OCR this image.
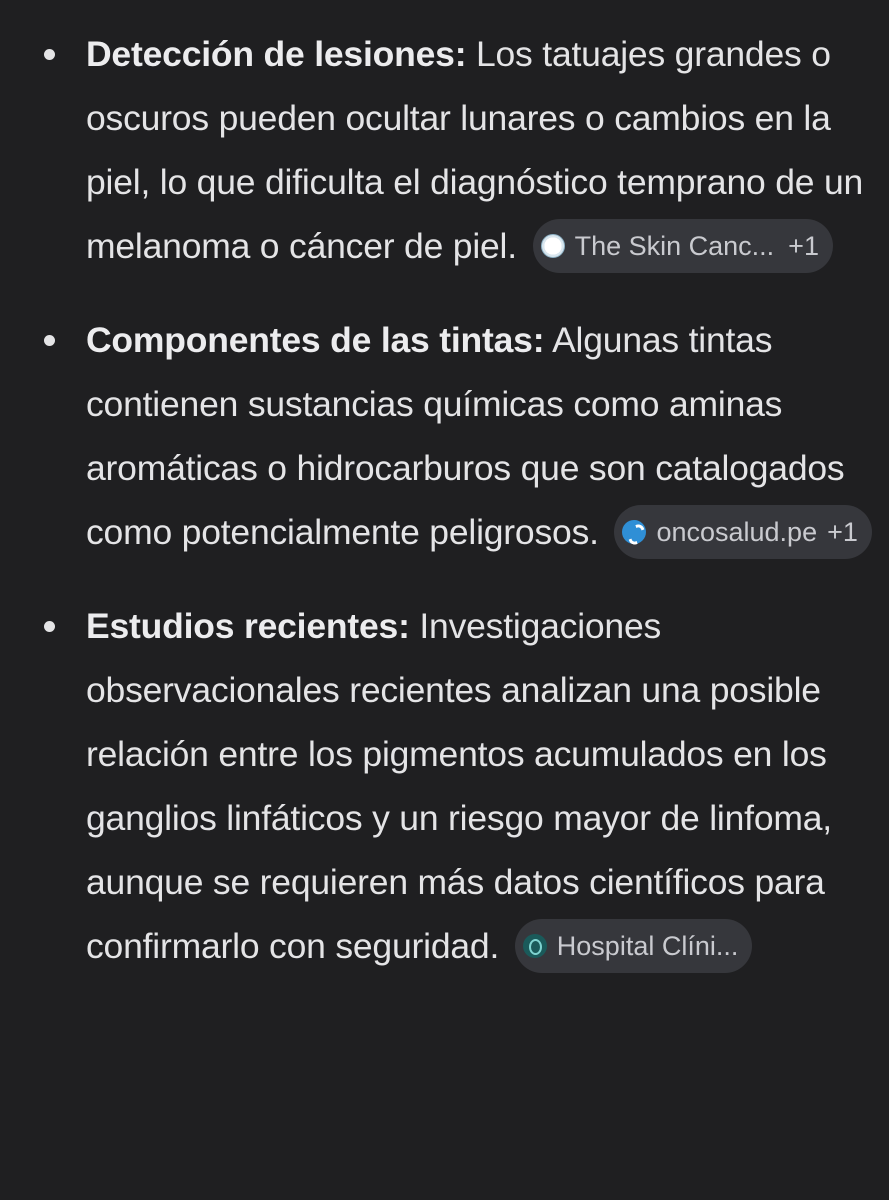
Detección de lesiones: Los tatuajes grandes o oscuros pueden ocultar lunares o cambios en la piel, lo que dificulta el diagnóstico temprano de un melanoma o cáncer de piel. The Skin Canc... +1
Componentes de las tintas: Algunas tintas contienen sustancias químicas como aminas aromáticas o hidrocarburos que son catalogados como potencialmente peligrosos. oncosalud.pe +1
Estudios recientes: Investigaciones observacionales recientes analizan una posible relación entre los pigmentos acumulados en los ganglios linfáticos y un riesgo mayor de linfoma, aunque se requieren más datos científicos para confirmarlo con seguridad. Hospital Clíni...
